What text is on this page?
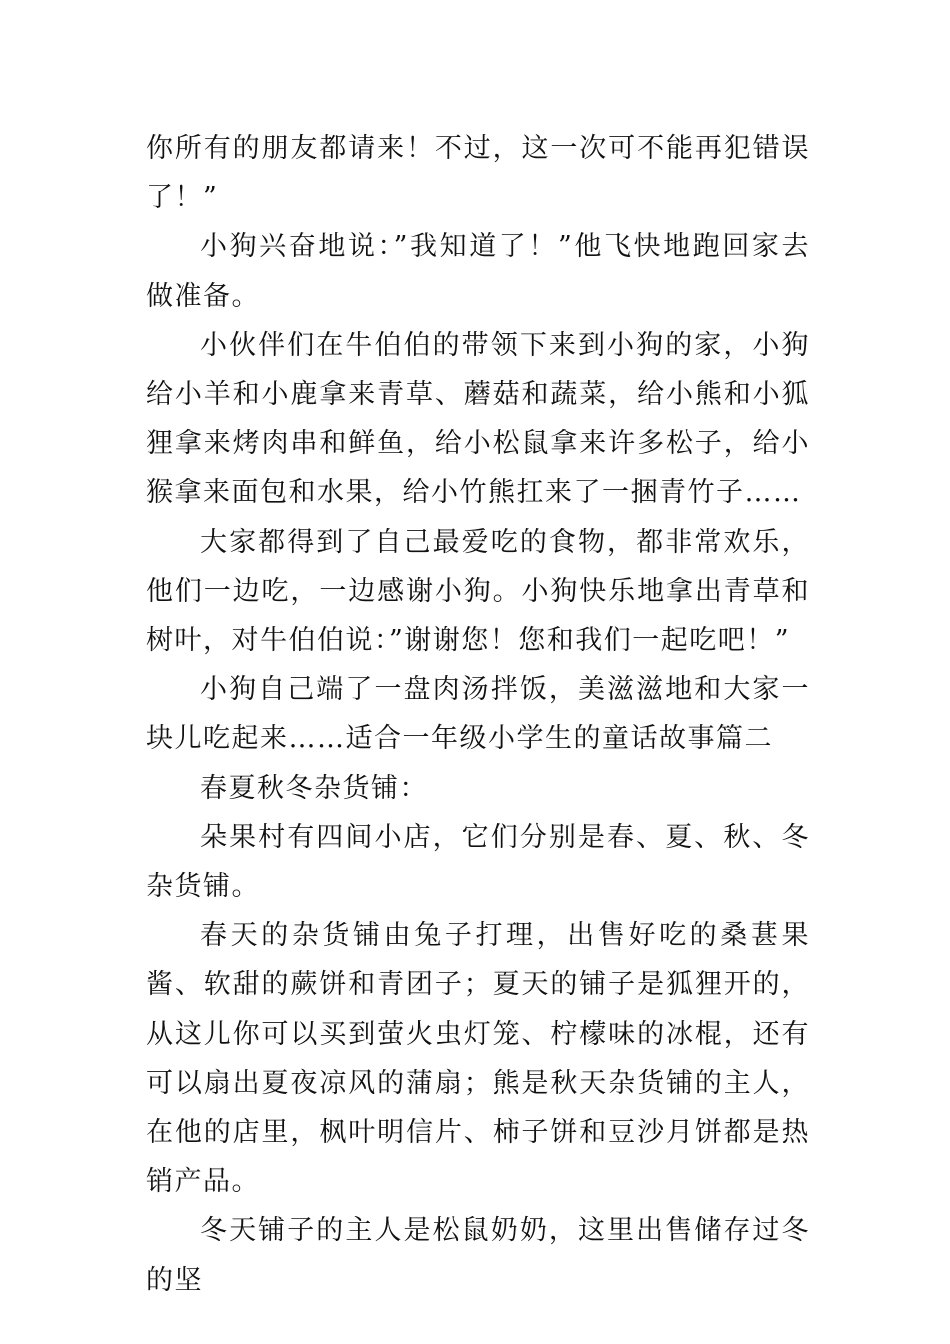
你所有的朋友都请来！不过，这一次可不能再犯错误了！”

小狗兴奋地说：”我知道了！”他飞快地跑回家去做准备。

小伙伴们在牛伯伯的带领下来到小狗的家，小狗给小羊和小鹿拿来青草、蘑菇和蔬菜，给小熊和小狐狸拿来烤肉串和鲜鱼，给小松鼠拿来许多松子，给小猴拿来面包和水果，给小竹熊扛来了一捆青竹子……

大家都得到了自己最爱吃的食物，都非常欢乐，他们一边吃，一边感谢小狗。小狗快乐地拿出青草和树叶，对牛伯伯说：”谢谢您！您和我们一起吃吧！”

小狗自己端了一盘肉汤拌饭，美滋滋地和大家一块儿吃起来……适合一年级小学生的童话故事篇二

春夏秋冬杂货铺：

朵果村有四间小店，它们分别是春、夏、秋、冬杂货铺。

春天的杂货铺由兔子打理，出售好吃的桑葚果酱、软甜的蕨饼和青团子；夏天的铺子是狐狸开的，从这儿你可以买到萤火虫灯笼、柠檬味的冰棍，还有可以扇出夏夜凉风的蒲扇；熊是秋天杂货铺的主人，在他的店里，枫叶明信片、柿子饼和豆沙月饼都是热销产品。

冬天铺子的主人是松鼠奶奶，这里出售储存过冬的坚
